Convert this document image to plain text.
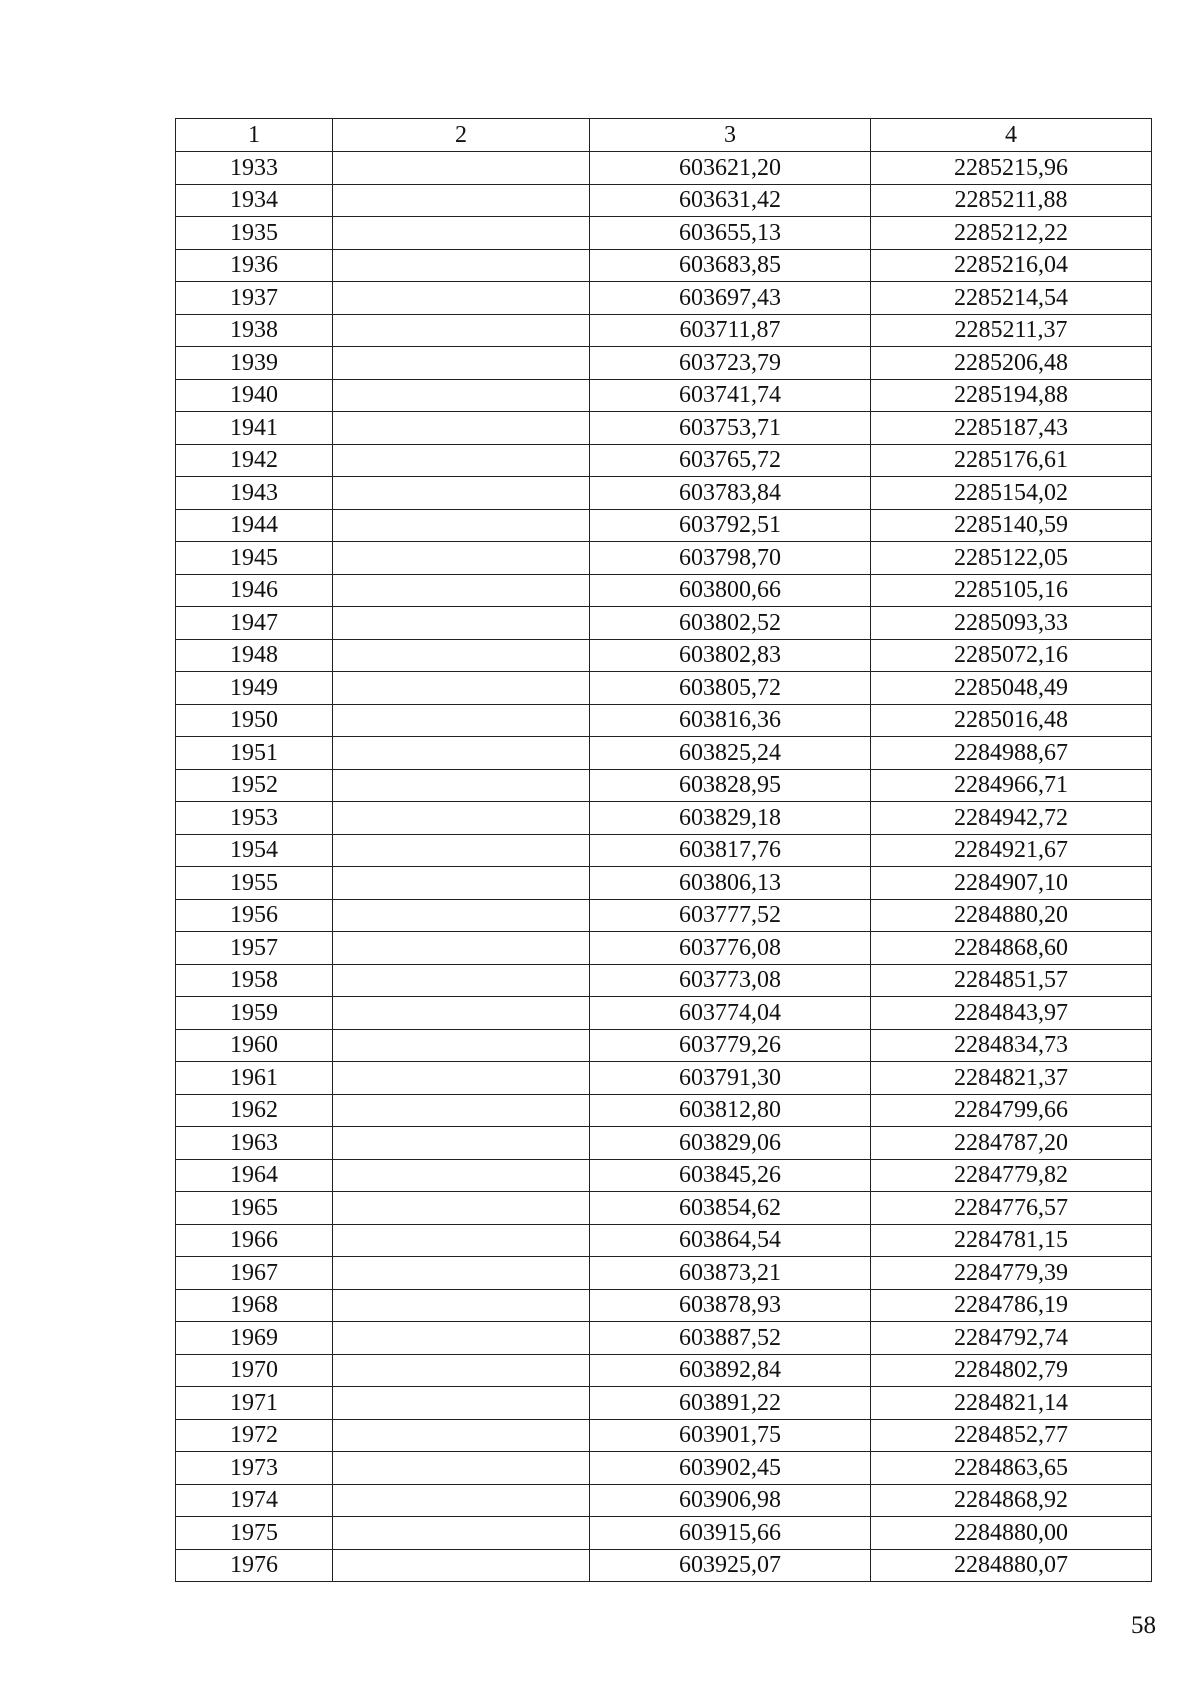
1	2	3	4
1933		603621,20	2285215,96
1934		603631,42	2285211,88
1935		603655,13	2285212,22
1936		603683,85	2285216,04
1937		603697,43	2285214,54
1938		603711,87	2285211,37
1939		603723,79	2285206,48
1940		603741,74	2285194,88
1941		603753,71	2285187,43
1942		603765,72	2285176,61
1943		603783,84	2285154,02
1944		603792,51	2285140,59
1945		603798,70	2285122,05
1946		603800,66	2285105,16
1947		603802,52	2285093,33
1948		603802,83	2285072,16
1949		603805,72	2285048,49
1950		603816,36	2285016,48
1951		603825,24	2284988,67
1952		603828,95	2284966,71
1953		603829,18	2284942,72
1954		603817,76	2284921,67
1955		603806,13	2284907,10
1956		603777,52	2284880,20
1957		603776,08	2284868,60
1958		603773,08	2284851,57
1959		603774,04	2284843,97
1960		603779,26	2284834,73
1961		603791,30	2284821,37
1962		603812,80	2284799,66
1963		603829,06	2284787,20
1964		603845,26	2284779,82
1965		603854,62	2284776,57
1966		603864,54	2284781,15
1967		603873,21	2284779,39
1968		603878,93	2284786,19
1969		603887,52	2284792,74
1970		603892,84	2284802,79
1971		603891,22	2284821,14
1972		603901,75	2284852,77
1973		603902,45	2284863,65
1974		603906,98	2284868,92
1975		603915,66	2284880,00
1976		603925,07	2284880,07
58
